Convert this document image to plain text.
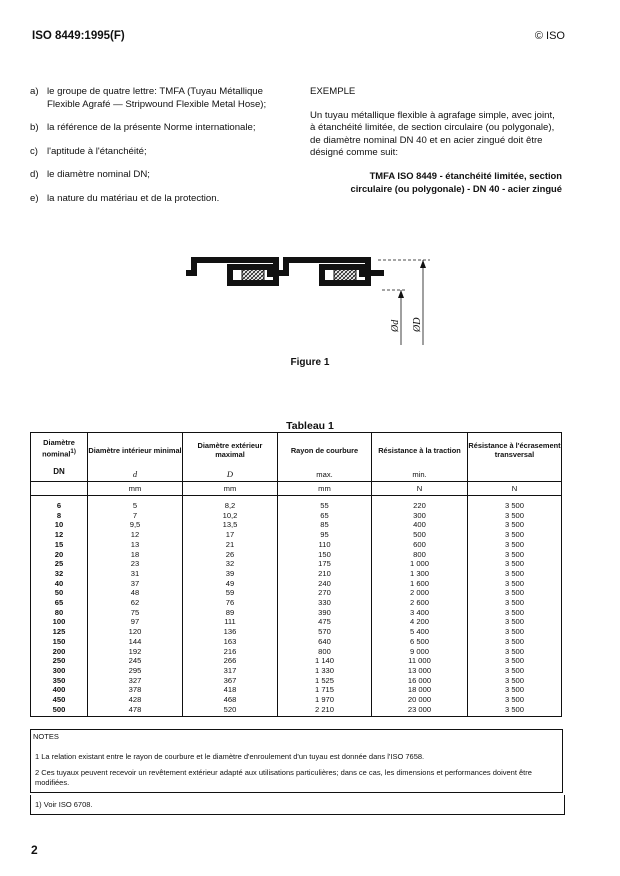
ISO 8449:1995(F)	© ISO
a) le groupe de quatre lettre: TMFA (Tuyau Métallique Flexible Agrafé — Stripwound Flexible Metal Hose);
b) la référence de la présente Norme internationale;
c) l'aptitude à l'étanchéité;
d) le diamètre nominal DN;
e) la nature du matériau et de la protection.
EXEMPLE
Un tuyau métallique flexible à agrafage simple, avec joint, à étanchéité limitée, de section circulaire (ou polygonale), de diamètre nominal DN 40 et en acier zingué doit être désigné comme suit:
TMFA ISO 8449 - étanchéité limitée, section
circulaire (ou polygonale) - DN 40 - acier zingué
Ød ØD
Figure 1
Tableau 1
Diamètre nominal$^{1)}$
DN	Diamètre intérieur minimal	Diamètre extérieur maximal	Rayon de courbure	Résistance à la traction	Résistance à l'écrasement transversal
	d	D	max.	min.	
	mm	mm	mm	N	N

6	5	8,2	55	220	3 500
8	7	10,2	65	300	3 500
10	9,5	13,5	85	400	3 500
12	12	17	95	500	3 500
15	13	21	110	600	3 500
20	18	26	150	800	3 500
25	23	32	175	1 000	3 500
32	31	39	210	1 300	3 500
40	37	49	240	1 600	3 500
50	48	59	270	2 000	3 500
65	62	76	330	2 600	3 500
80	75	89	390	3 400	3 500
100	97	111	475	4 200	3 500
125	120	136	570	5 400	3 500
150	144	163	640	6 500	3 500
200	192	216	800	9 000	3 500
250	245	266	1 140	11 000	3 500
300	295	317	1 330	13 000	3 500
350	327	367	1 525	16 000	3 500
400	378	418	1 715	18 000	3 500
450	428	468	1 970	20 000	3 500
500	478	520	2 210	23 000	3 500
NOTES
1 La relation existant entre le rayon de courbure et le diamètre d'enroulement d'un tuyau est donnée dans l'ISO 7658.
2 Ces tuyaux peuvent recevoir un revêtement extérieur adapté aux utilisations particulières; dans ce cas, les dimensions et performances doivent être modifiées.
1) Voir ISO 6708.
2
